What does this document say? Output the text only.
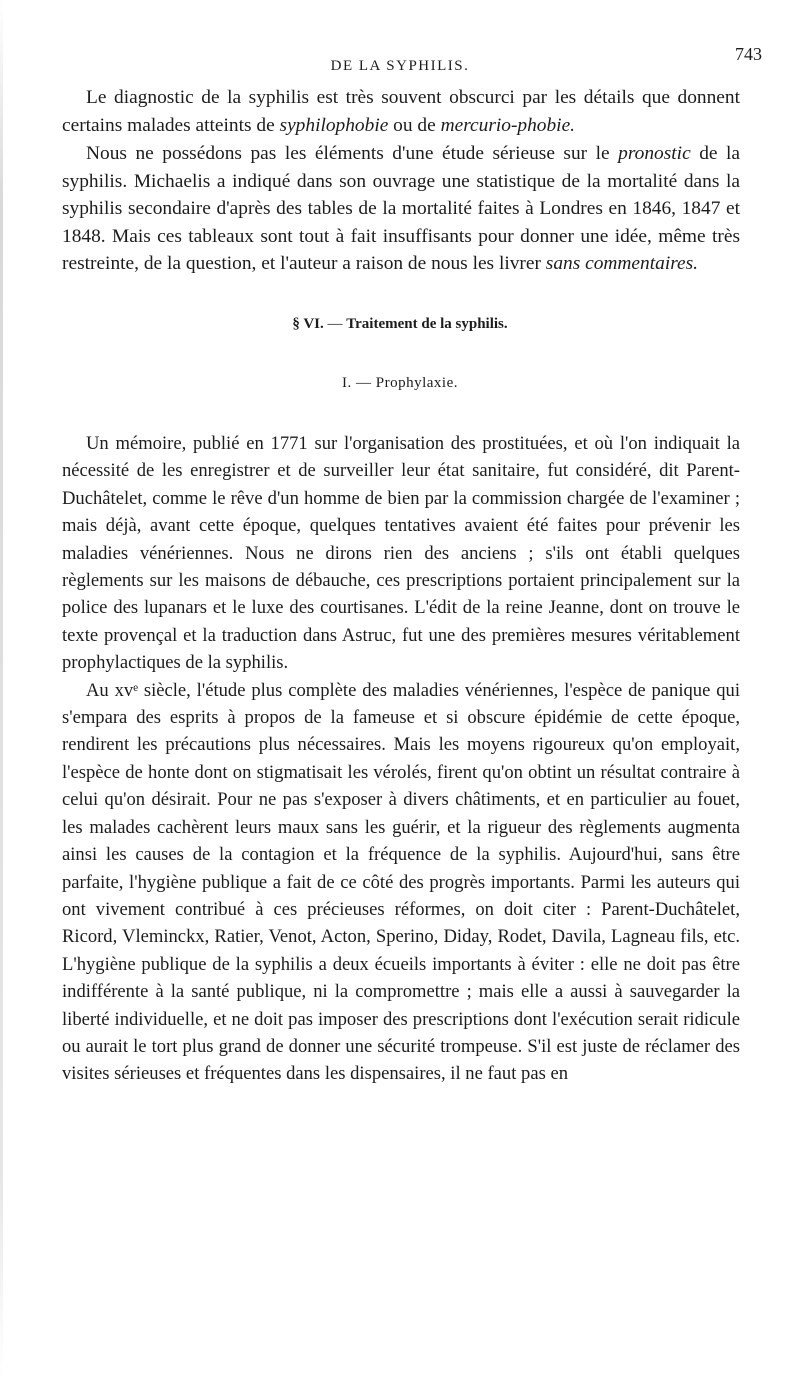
DE LA SYPHILIS.
743

Le diagnostic de la syphilis est très souvent obscurci par les détails que donnent certains malades atteints de syphilophobie ou de mercurio-phobie.

Nous ne possédons pas les éléments d'une étude sérieuse sur le pronostic de la syphilis. Michaelis a indiqué dans son ouvrage une statistique de la mortalité dans la syphilis secondaire d'après des tables de la mortalité faites à Londres en 1846, 1847 et 1848. Mais ces tableaux sont tout à fait insuffisants pour donner une idée, même très restreinte, de la question, et l'auteur a raison de nous les livrer sans commentaires.

§ VI. — Traitement de la syphilis.
I. — Prophylaxie.

Un mémoire, publié en 1771 sur l'organisation des prostituées, et où l'on indiquait la nécessité de les enregistrer et de surveiller leur état sanitaire, fut considéré, dit Parent-Duchâtelet, comme le rêve d'un homme de bien par la commission chargée de l'examiner ; mais déjà, avant cette époque, quelques tentatives avaient été faites pour prévenir les maladies vénériennes. Nous ne dirons rien des anciens ; s'ils ont établi quelques règlements sur les maisons de débauche, ces prescriptions portaient principalement sur la police des lupanars et le luxe des courtisanes. L'édit de la reine Jeanne, dont on trouve le texte provençal et la traduction dans Astruc, fut une des premières mesures véritablement prophylactiques de la syphilis.

Au xvᵉ siècle, l'étude plus complète des maladies vénériennes, l'espèce de panique qui s'empara des esprits à propos de la fameuse et si obscure épidémie de cette époque, rendirent les précautions plus nécessaires. Mais les moyens rigoureux qu'on employait, l'espèce de honte dont on stigmatisait les vérolés, firent qu'on obtint un résultat contraire à celui qu'on désirait. Pour ne pas s'exposer à divers châtiments, et en particulier au fouet, les malades cachèrent leurs maux sans les guérir, et la rigueur des règlements augmenta ainsi les causes de la contagion et la fréquence de la syphilis. Aujourd'hui, sans être parfaite, l'hygiène publique a fait de ce côté des progrès importants. Parmi les auteurs qui ont vivement contribué à ces précieuses réformes, on doit citer : Parent-Duchâtelet, Ricord, Vleminckx, Ratier, Venot, Acton, Sperino, Diday, Rodet, Davila, Lagneau fils, etc. L'hygiène publique de la syphilis a deux écueils importants à éviter : elle ne doit pas être indifférente à la santé publique, ni la compromettre ; mais elle a aussi à sauvegarder la liberté individuelle, et ne doit pas imposer des prescriptions dont l'exécution serait ridicule ou aurait le tort plus grand de donner une sécurité trompeuse. S'il est juste de réclamer des visites sérieuses et fréquentes dans les dispensaires, il ne faut pas en
